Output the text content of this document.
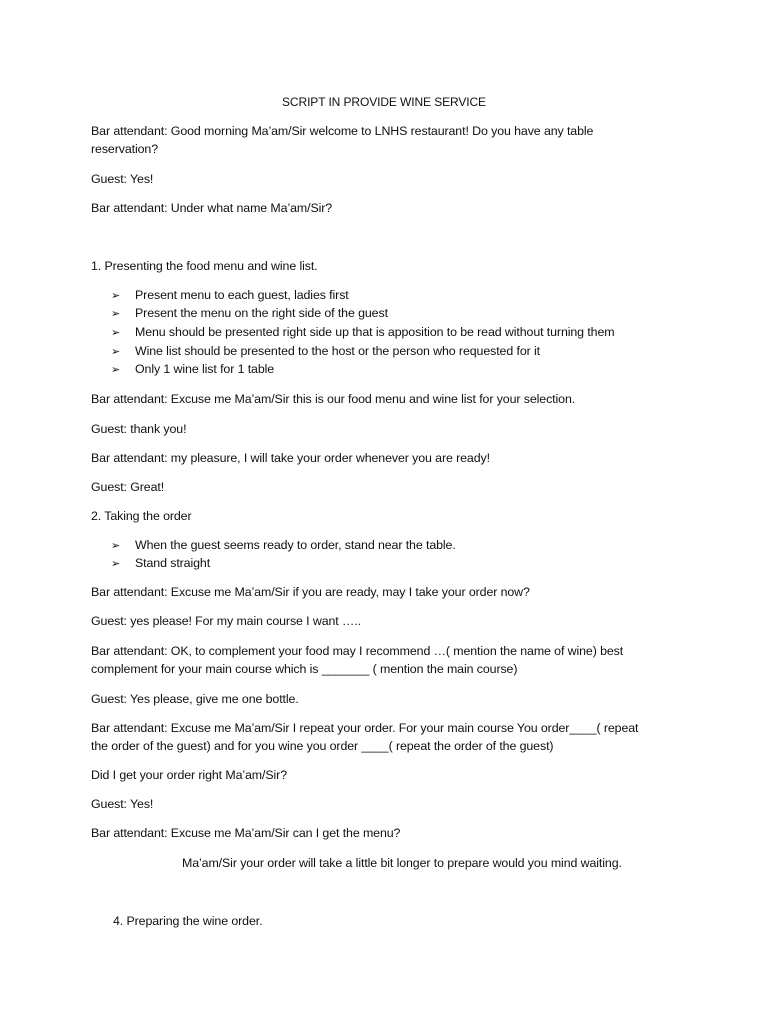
SCRIPT IN PROVIDE WINE SERVICE
Bar attendant: Good morning Ma’am/Sir welcome to LNHS restaurant! Do you have any table
reservation?
Guest: Yes!
Bar attendant: Under what name Ma’am/Sir?
1. Presenting the food menu and wine list.
➢ Present menu to each guest, ladies first
➢ Present the menu on the right side of the guest
➢ Menu should be presented right side up that is apposition to be read without turning them
➢ Wine list should be presented to the host or the person who requested for it
➢ Only 1 wine list for 1 table
Bar attendant: Excuse me Ma’am/Sir this is our food menu and wine list for your selection.
Guest: thank you!
Bar attendant: my pleasure, I will take your order whenever you are ready!
Guest: Great!
2. Taking the order
➢ When the guest seems ready to order, stand near the table.
➢ Stand straight
Bar attendant: Excuse me Ma’am/Sir if you are ready, may I take your order now?
Guest: yes please! For my main course I want …..
Bar attendant: OK, to complement your food may I recommend …( mention the name of wine) best
complement for your main course which is _______ ( mention the main course)
Guest: Yes please, give me one bottle.
Bar attendant: Excuse me Ma’am/Sir I repeat your order. For your main course You order____( repeat
the order of the guest) and for you wine you order ____( repeat the order of the guest)
Did I get your order right Ma’am/Sir?
Guest: Yes!
Bar attendant: Excuse me Ma’am/Sir can I get the menu?
Ma’am/Sir your order will take a little bit longer to prepare would you mind waiting.
4. Preparing the wine order.
